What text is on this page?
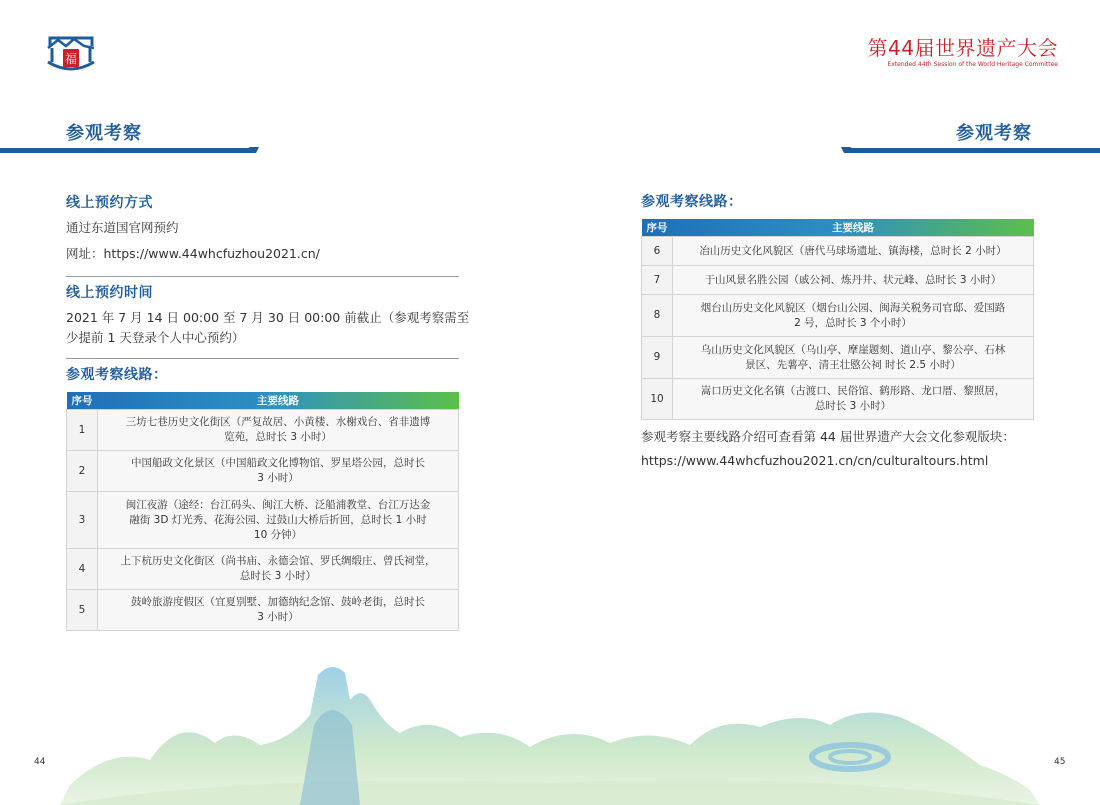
福
参观考察
线上预约方式
通过东道国官网预约
网址：https://www.44whcfuzhou2021.cn/
线上预约时间
2021 年 7 月 14 日 00:00 至 7 月 30 日 00:00 前截止（参观考察需至
少提前 1 天登录个人中心预约）
参观考察线路：
序号	主要线路
1	三坊七巷历史文化街区（严复故居、小黄楼、水榭戏台、省非遗博
览苑，总时长 3 小时）

2	中国船政文化景区（中国船政文化博物馆、罗星塔公园，总时长
3 小时）

3	闽江夜游（途经：台江码头、闽江大桥、泛船浦教堂、台江万达金
融街 3D 灯光秀、花海公园、过鼓山大桥后折回，总时长 1 小时
10 分钟）

4	上下杭历史文化街区（尚书庙、永德会馆、罗氏绸缎庄、曾氏祠堂，
总时长 3 小时）

5	鼓岭旅游度假区（宜夏别墅、加德纳纪念馆、鼓岭老街，总时长
3 小时）
44
第44届世界遗产大会
Extended 44th Session of the World Heritage Committee
参观考察
参观考察线路：
序号	主要线路
6	冶山历史文化风貌区（唐代马球场遗址、镇海楼，总时长 2 小时）

7	于山风景名胜公园（戚公祠、炼丹井、状元峰、总时长 3 小时）

8	烟台山历史文化风貌区（烟台山公园、闽海关税务司官邸、爱国路
2 号，总时长 3 个小时）

9	乌山历史文化风貌区（乌山亭、摩崖题刻、道山亭、黎公亭、石林
景区、先薯亭、清王壮愍公祠 时长 2.5 小时）

10	嵩口历史文化名镇（古渡口、民俗馆、鹤形路、龙口厝、黎照居，
总时长 3 小时）
参观考察主要线路介绍可查看第 44 届世界遗产大会文化参观版块：
https://www.44whcfuzhou2021.cn/cn/culturaltours.html
45
